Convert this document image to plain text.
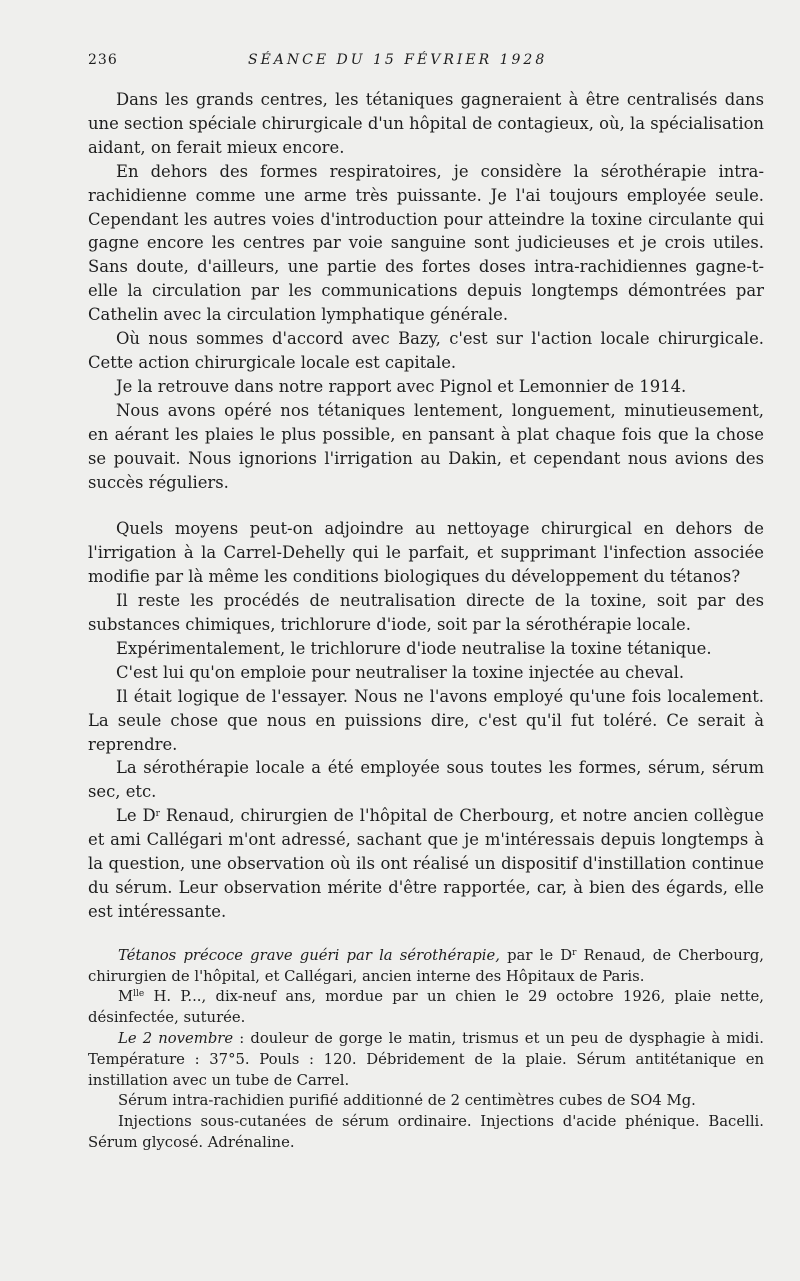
236	SÉANCE DU 15 FÉVRIER 1928

Dans les grands centres, les tétaniques gagneraient à être centralisés dans une section spéciale chirurgicale d'un hôpital de contagieux, où, la spécialisation aidant, on ferait mieux encore.

En dehors des formes respiratoires, je considère la sérothérapie intra-rachidienne comme une arme très puissante. Je l'ai toujours employée seule. Cependant les autres voies d'introduction pour atteindre la toxine circulante qui gagne encore les centres par voie sanguine sont judicieuses et je crois utiles. Sans doute, d'ailleurs, une partie des fortes doses intra-rachidiennes gagne-t-elle la circulation par les communications depuis longtemps démontrées par Cathelin avec la circulation lymphatique générale.

Où nous sommes d'accord avec Bazy, c'est sur l'action locale chirurgicale. Cette action chirurgicale locale est capitale.

Je la retrouve dans notre rapport avec Pignol et Lemonnier de 1914.

Nous avons opéré nos tétaniques lentement, longuement, minutieusement, en aérant les plaies le plus possible, en pansant à plat chaque fois que la chose se pouvait. Nous ignorions l'irrigation au Dakin, et cependant nous avions des succès réguliers.

Quels moyens peut-on adjoindre au nettoyage chirurgical en dehors de l'irrigation à la Carrel-Dehelly qui le parfait, et supprimant l'infection associée modifie par là même les conditions biologiques du développement du tétanos?

Il reste les procédés de neutralisation directe de la toxine, soit par des substances chimiques, trichlorure d'iode, soit par la sérothérapie locale.

Expérimentalement, le trichlorure d'iode neutralise la toxine tétanique.

C'est lui qu'on emploie pour neutraliser la toxine injectée au cheval.

Il était logique de l'essayer. Nous ne l'avons employé qu'une fois localement. La seule chose que nous en puissions dire, c'est qu'il fut toléré. Ce serait à reprendre.

La sérothérapie locale a été employée sous toutes les formes, sérum, sérum sec, etc.

Le $D^r$ Renaud, chirurgien de l'hôpital de Cherbourg, et notre ancien collègue et ami Callégari m'ont adressé, sachant que je m'intéressais depuis longtemps à la question, une observation où ils ont réalisé un dispositif d'instillation continue du sérum. Leur observation mérite d'être rapportée, car, à bien des égards, elle est intéressante.

Tétanos précoce grave guéri par la sérothérapie, par le $D^r$ Renaud, de Cherbourg, chirurgien de l'hôpital, et Callégari, ancien interne des Hôpitaux de Paris.

$M^{lle}$ H. P..., dix-neuf ans, mordue par un chien le 29 octobre 1926, plaie nette, désinfectée, suturée.

Le 2 novembre : douleur de gorge le matin, trismus et un peu de dysphagie à midi. Température : 37°5. Pouls : 120. Débridement de la plaie. Sérum antitétanique en instillation avec un tube de Carrel.

Sérum intra-rachidien purifié additionné de 2 centimètres cubes de SO4 Mg.

Injections sous-cutanées de sérum ordinaire. Injections d'acide phénique. Bacelli. Sérum glycosé. Adrénaline.
